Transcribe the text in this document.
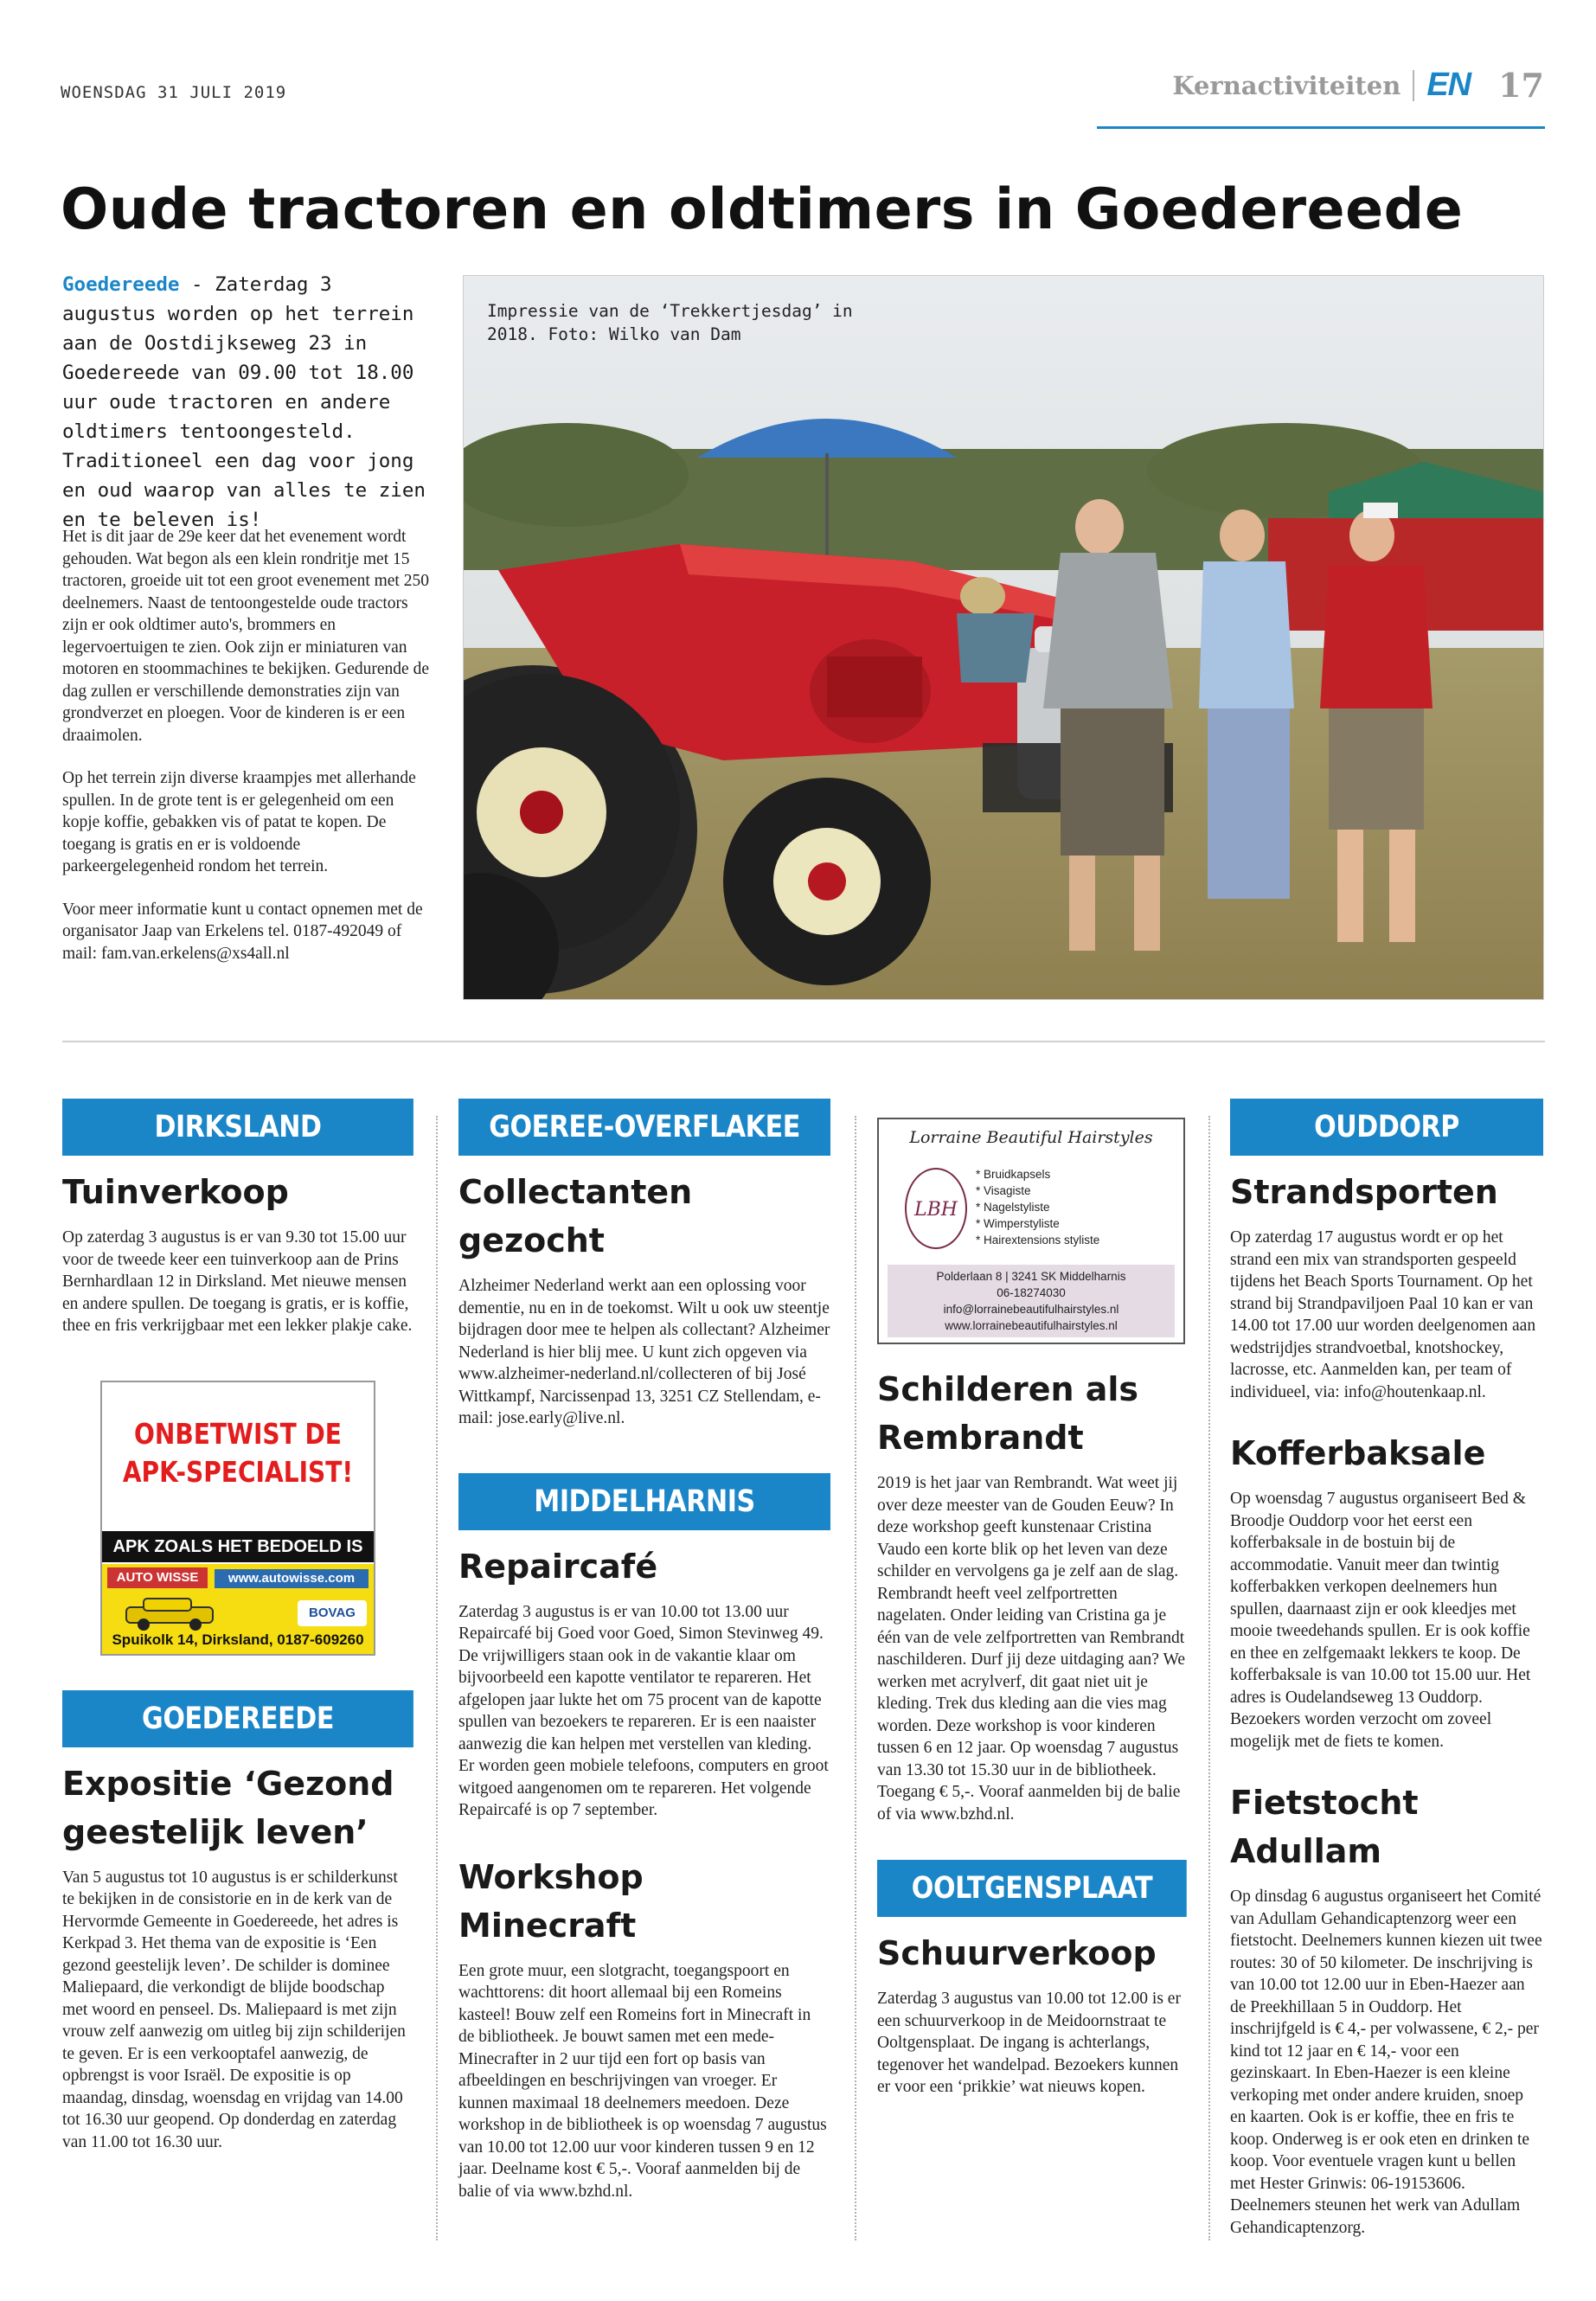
WOENSDAG 31 JULI 2019	Kernactiviteiten EN 17
Oude tractoren en oldtimers in Goedereede
Goedereede - Zaterdag 3 augustus worden op het terrein aan de Oostdijkseweg 23 in Goedereede van 09.00 tot 18.00 uur oude tractoren en andere oldtimers tentoongesteld. Traditioneel een dag voor jong en oud waarop van alles te zien en te beleven is!

Het is dit jaar de 29e keer dat het evenement wordt gehouden. Wat begon als een klein rondritje met 15 tractoren, groeide uit tot een groot evenement met 250 deelnemers. Naast de tentoongestelde oude tractors zijn er ook oldtimer auto's, brommers en legervoertuigen te zien. Ook zijn er miniaturen van motoren en stoommachines te bekijken. Gedurende de dag zullen er verschillende demonstraties zijn van grondverzet en ploegen. Voor de kinderen is er een draaimolen.

Op het terrein zijn diverse kraampjes met allerhande spullen. In de grote tent is er gelegenheid om een kopje koffie, gebakken vis of patat te kopen. De toegang is gratis en er is voldoende parkeergelegenheid rondom het terrein.

Voor meer informatie kunt u contact opnemen met de organisator Jaap van Erkelens tel. 0187-492049 of mail: fam.van.erkelens@xs4all.nl

Impressie van de ‘Trekkertjesdag’ in 2018. Foto: Wilko van Dam
DIRKSLAND
Tuinverkoop

Op zaterdag 3 augustus is er van 9.30 tot 15.00 uur voor de tweede keer een tuinverkoop aan de Prins Bernhardlaan 12 in Dirksland. Met nieuwe mensen en andere spullen. De toegang is gratis, er is koffie, thee en fris verkrijgbaar met een lekker plakje cake.

ONBETWIST DE APK-SPECIALIST!
APK ZOALS HET BEDOELD IS
AUTO WISSE	www.autowisse.com
BOVAG
Spuikolk 14, Dirksland, 0187-609260
GOEDEREEDE
Expositie ‘Gezond geestelijk leven’

Van 5 augustus tot 10 augustus is er schilderkunst te bekijken in de consistorie en in de kerk van de Hervormde Gemeente in Goedereede, het adres is Kerkpad 3. Het thema van de expositie is ‘Een gezond geestelijk leven’. De schilder is dominee Maliepaard, die verkondigt de blijde boodschap met woord en penseel. Ds. Maliepaard is met zijn vrouw zelf aanwezig om uitleg bij zijn schilderijen te geven. Er is een verkooptafel aanwezig, de opbrengst is voor Israël. De expositie is op maandag, dinsdag, woensdag en vrijdag van 14.00 tot 16.30 uur geopend. Op donderdag en zaterdag van 11.00 tot 16.30 uur.

GOEREE-OVERFLAKEE
Collectanten gezocht

Alzheimer Nederland werkt aan een oplossing voor dementie, nu en in de toekomst. Wilt u ook uw steentje bijdragen door mee te helpen als collectant? Alzheimer Nederland is hier blij mee. U kunt zich opgeven via www.alzheimer-nederland.nl/collecteren of bij José Wittkampf, Narcissenpad 13, 3251 CZ Stellendam, e-mail: jose.early@live.nl.

MIDDELHARNIS
Repaircafé

Zaterdag 3 augustus is er van 10.00 tot 13.00 uur Repaircafé bij Goed voor Goed, Simon Stevinweg 49. De vrijwilligers staan ook in de vakantie klaar om bijvoorbeeld een kapotte ventilator te repareren. Het afgelopen jaar lukte het om 75 procent van de kapotte spullen van bezoekers te repareren. Er is een naaister aanwezig die kan helpen met verstellen van kleding. Er worden geen mobiele telefoons, computers en groot witgoed aangenomen om te repareren. Het volgende Repaircafé is op 7 september.

Workshop Minecraft

Een grote muur, een slotgracht, toegangspoort en wachttorens: dit hoort allemaal bij een Romeins kasteel! Bouw zelf een Romeins fort in Minecraft in de bibliotheek. Je bouwt samen met een mede-Minecrafter in 2 uur tijd een fort op basis van afbeeldingen en beschrijvingen van vroeger. Er kunnen maximaal 18 deelnemers meedoen. Deze workshop in de bibliotheek is op woensdag 7 augustus van 10.00 tot 12.00 uur voor kinderen tussen 9 en 12 jaar. Deelname kost € 5,-. Vooraf aanmelden bij de balie of via www.bzhd.nl.

Lorraine Beautiful Hairstyles
LBH
* Bruidkapsels
* Visagiste
* Nagelstyliste
* Wimperstyliste
* Hairextensions styliste
Polderlaan 8 | 3241 SK Middelharnis
06-18274030
info@lorrainebeautifulhairstyles.nl
www.lorrainebeautifulhairstyles.nl
Schilderen als Rembrandt

2019 is het jaar van Rembrandt. Wat weet jij over deze meester van de Gouden Eeuw? In deze workshop geeft kunstenaar Cristina Vaudo een korte blik op het leven van deze schilder en vervolgens ga je zelf aan de slag. Rembrandt heeft veel zelfportretten nagelaten. Onder leiding van Cristina ga je één van de vele zelfportretten van Rembrandt naschilderen. Durf jij deze uitdaging aan? We werken met acrylverf, dit gaat niet uit je kleding. Trek dus kleding aan die vies mag worden. Deze workshop is voor kinderen tussen 6 en 12 jaar. Op woensdag 7 augustus van 13.30 tot 15.30 uur in de bibliotheek. Toegang € 5,-. Vooraf aanmelden bij de balie of via www.bzhd.nl.

OOLTGENSPLAAT
Schuurverkoop

Zaterdag 3 augustus van 10.00 tot 12.00 is er een schuurverkoop in de Meidoornstraat te Ooltgensplaat. De ingang is achterlangs, tegenover het wandelpad. Bezoekers kunnen er voor een ‘prikkie’ wat nieuws kopen.

OUDDORP
Strandsporten

Op zaterdag 17 augustus wordt er op het strand een mix van strandsporten gespeeld tijdens het Beach Sports Tournament. Op het strand bij Strandpaviljoen Paal 10 kan er van 14.00 tot 17.00 uur worden deelgenomen aan wedstrijdjes strandvoetbal, knotshockey, lacrosse, etc. Aanmelden kan, per team of individueel, via: info@houtenkaap.nl.

Kofferbaksale

Op woensdag 7 augustus organiseert Bed & Broodje Ouddorp voor het eerst een kofferbaksale in de bostuin bij de accommodatie. Vanuit meer dan twintig kofferbakken verkopen deelnemers hun spullen, daarnaast zijn er ook kleedjes met mooie tweedehands spullen. Er is ook koffie en thee en zelfgemaakt lekkers te koop. De kofferbaksale is van 10.00 tot 15.00 uur. Het adres is Oudelandseweg 13 Ouddorp. Bezoekers worden verzocht om zoveel mogelijk met de fiets te komen.

Fietstocht Adullam

Op dinsdag 6 augustus organiseert het Comité van Adullam Gehandicaptenzorg weer een fietstocht. Deelnemers kunnen kiezen uit twee routes: 30 of 50 kilometer. De inschrijving is van 10.00 tot 12.00 uur in Eben-Haezer aan de Preekhillaan 5 in Ouddorp. Het inschrijfgeld is € 4,- per volwassene, € 2,- per kind tot 12 jaar en € 14,- voor een gezinskaart. In Eben-Haezer is een kleine verkoping met onder andere kruiden, snoep en kaarten. Ook is er koffie, thee en fris te koop. Onderweg is er ook eten en drinken te koop. Voor eventuele vragen kunt u bellen met Hester Grinwis: 06-19153606. Deelnemers steunen het werk van Adullam Gehandicaptenzorg.
